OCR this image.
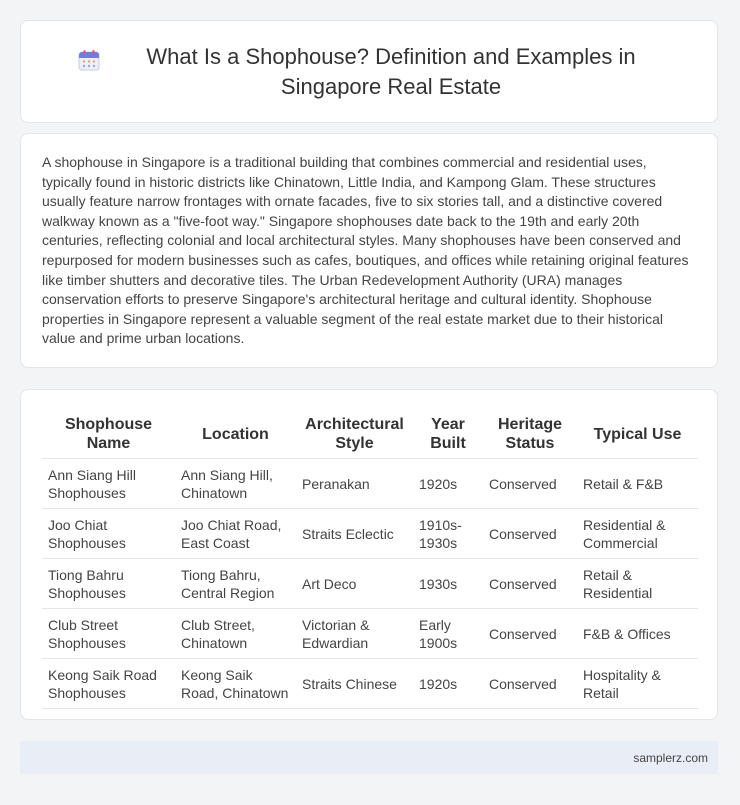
What Is a Shophouse? Definition and Examples in Singapore Real Estate

A shophouse in Singapore is a traditional building that combines commercial and residential uses, typically found in historic districts like Chinatown, Little India, and Kampong Glam. These structures usually feature narrow frontages with ornate facades, five to six stories tall, and a distinctive covered walkway known as a "five-foot way." Singapore shophouses date back to the 19th and early 20th centuries, reflecting colonial and local architectural styles. Many shophouses have been conserved and repurposed for modern businesses such as cafes, boutiques, and offices while retaining original features like timber shutters and decorative tiles. The Urban Redevelopment Authority (URA) manages conservation efforts to preserve Singapore's architectural heritage and cultural identity. Shophouse properties in Singapore represent a valuable segment of the real estate market due to their historical value and prime urban locations.

Shophouse Name	Location	Architectural Style	Year Built	Heritage Status	Typical Use
Ann Siang Hill Shophouses	Ann Siang Hill, Chinatown	Peranakan	1920s	Conserved	Retail & F&B
Joo Chiat Shophouses	Joo Chiat Road, East Coast	Straits Eclectic	1910s-1930s	Conserved	Residential & Commercial
Tiong Bahru Shophouses	Tiong Bahru, Central Region	Art Deco	1930s	Conserved	Retail & Residential
Club Street Shophouses	Club Street, Chinatown	Victorian & Edwardian	Early 1900s	Conserved	F&B & Offices
Keong Saik Road Shophouses	Keong Saik Road, Chinatown	Straits Chinese	1920s	Conserved	Hospitality & Retail
samplerz.com
